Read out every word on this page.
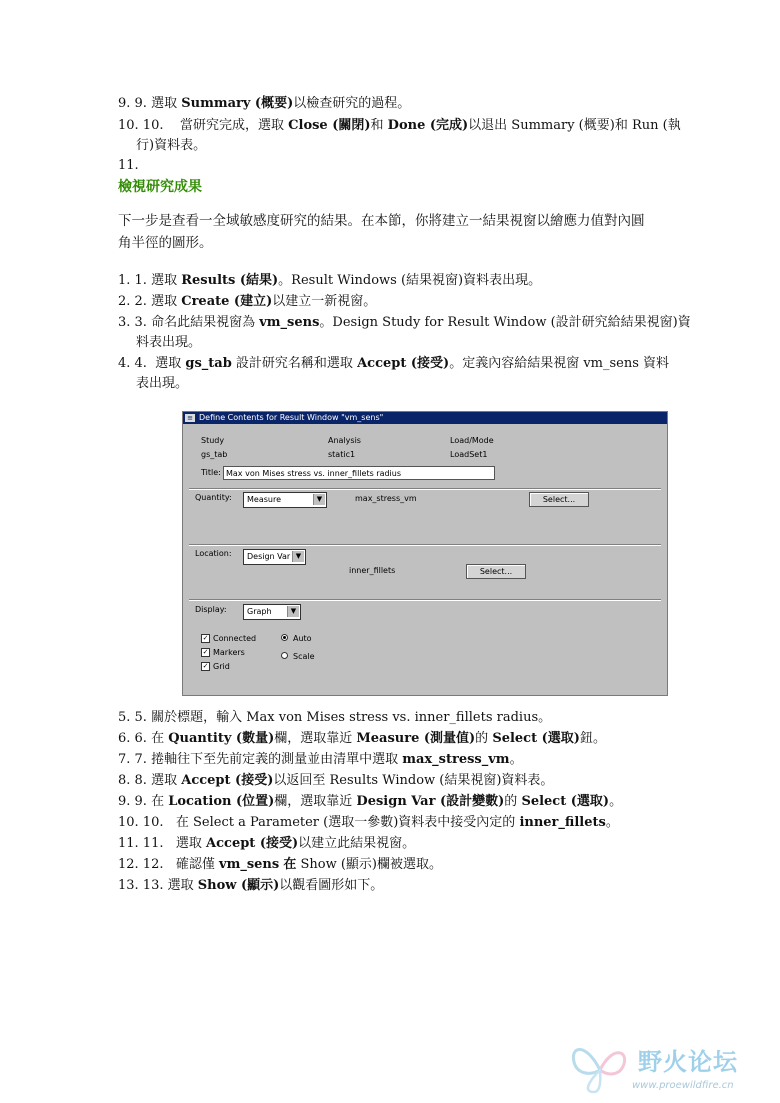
9. 9. 選取 Summary (概要)以檢查研究的過程。
10. 10. 當研究完成，選取 Close (關閉)和 Done (完成)以退出 Summary (概要)和 Run (執
行)資料表。
11.
檢視研究成果
下一步是查看一全域敏感度研究的結果。在本節，你將建立一結果視窗以繪應力值對內圓
角半徑的圖形。
1. 1. 選取 Results (結果)。Result Windows (結果視窗)資料表出現。
2. 2. 選取 Create (建立)以建立一新視窗。
3. 3. 命名此結果視窗為 vm_sens。Design Study for Result Window (設計研究給結果視窗)資
料表出現。
4. 4. 選取 gs_tab 設計研究名稱和選取 Accept (接受)。定義內容給結果視窗 vm_sens 資料
表出現。
≡ Define Contents for Result Window "vm_sens"
Study	Analysis	Load/Mode
gs_tab	static1	LoadSet1
Title: Max von Mises stress vs. inner_fillets radius
Quantity:	Measure	▼	max_stress_vm	Select...
Location:	Design Var ▼
inner_fillets	Select...
Display:	Graph	▼
✓ Connected
✓ Markers
✓ Grid
Auto
Scale
5. 5. 關於標題，輸入 Max von Mises stress vs. inner_fillets radius。
6. 6. 在 Quantity (數量)欄，選取靠近 Measure (測量值)的 Select (選取)鈕。
7. 7. 捲軸往下至先前定義的測量並由清單中選取 max_stress_vm。
8. 8. 選取 Accept (接受)以返回至 Results Window (結果視窗)資料表。
9. 9. 在 Location (位置)欄，選取靠近 Design Var (設計變數)的 Select (選取)。
10. 10. 在 Select a Parameter (選取一參數)資料表中接受內定的 inner_fillets。
11. 11. 選取 Accept (接受)以建立此結果視窗。
12. 12. 確認僅 vm_sens 在 Show (顯示)欄被選取。
13. 13. 選取 Show (顯示)以觀看圖形如下。
野火论坛
www.proewildfire.cn
